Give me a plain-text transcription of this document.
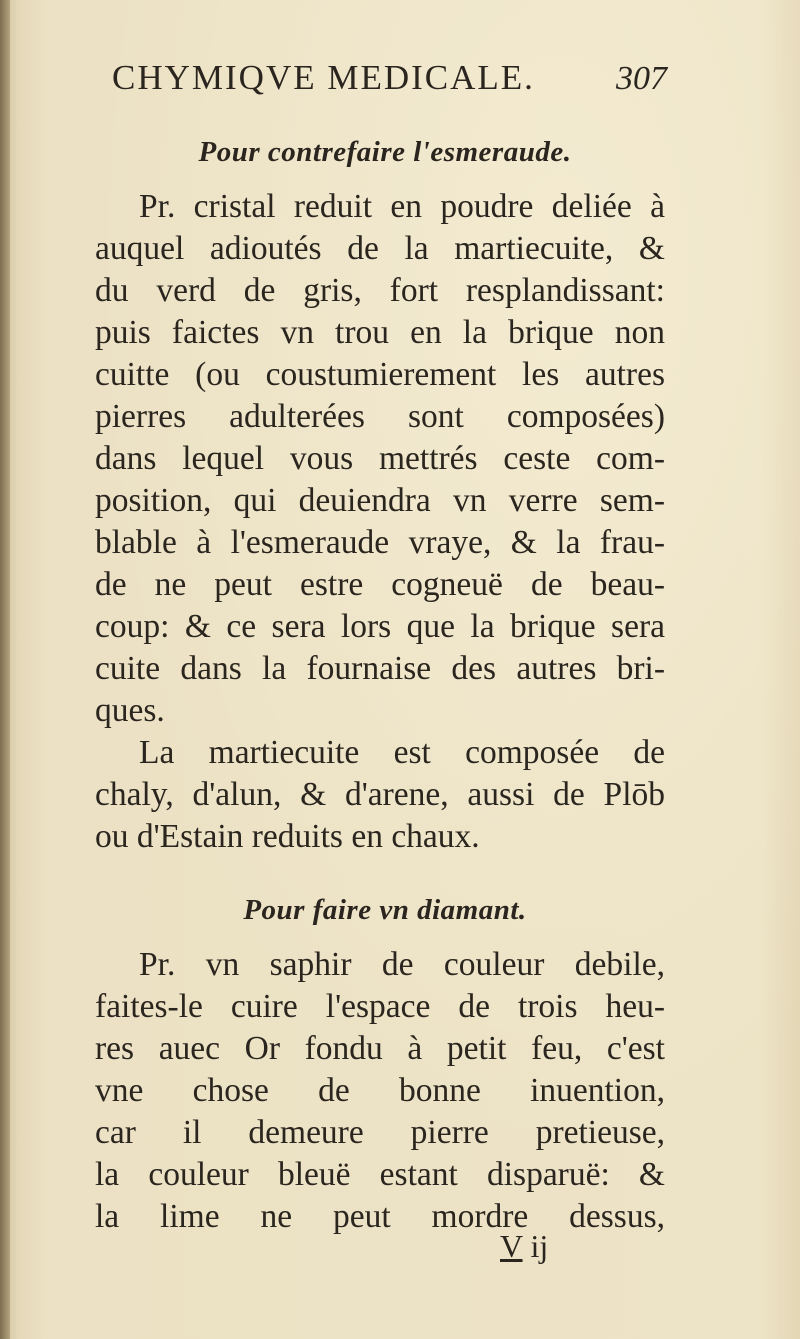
CHYMIQVE MEDICALE. 307
Pour contrefaire l'esmeraude.
Pr. cristal reduit en poudre deliée à
auquel adioutés de la martiecuite, &
du verd de gris, fort resplandissant:
puis faictes vn trou en la brique non
cuitte (ou coustumierement les autres
pierres adulterées sont composées)
dans lequel vous mettrés ceste com-
position, qui deuiendra vn verre sem-
blable à l'esmeraude vraye, & la frau-
de ne peut estre cogneuë de beau-
coup: & ce sera lors que la brique sera
cuite dans la fournaise des autres bri-
ques.
La martiecuite est composée de
chaly, d'alun, & d'arene, aussi de Plōb
ou d'Estain reduits en chaux.
Pour faire vn diamant.
Pr. vn saphir de couleur debile,
faites-le cuire l'espace de trois heu-
res auec Or fondu à petit feu, c'est
vne chose de bonne inuention,
car il demeure pierre pretieuse,
la couleur bleuë estant disparuë: &
la lime ne peut mordre dessus,
V ij
